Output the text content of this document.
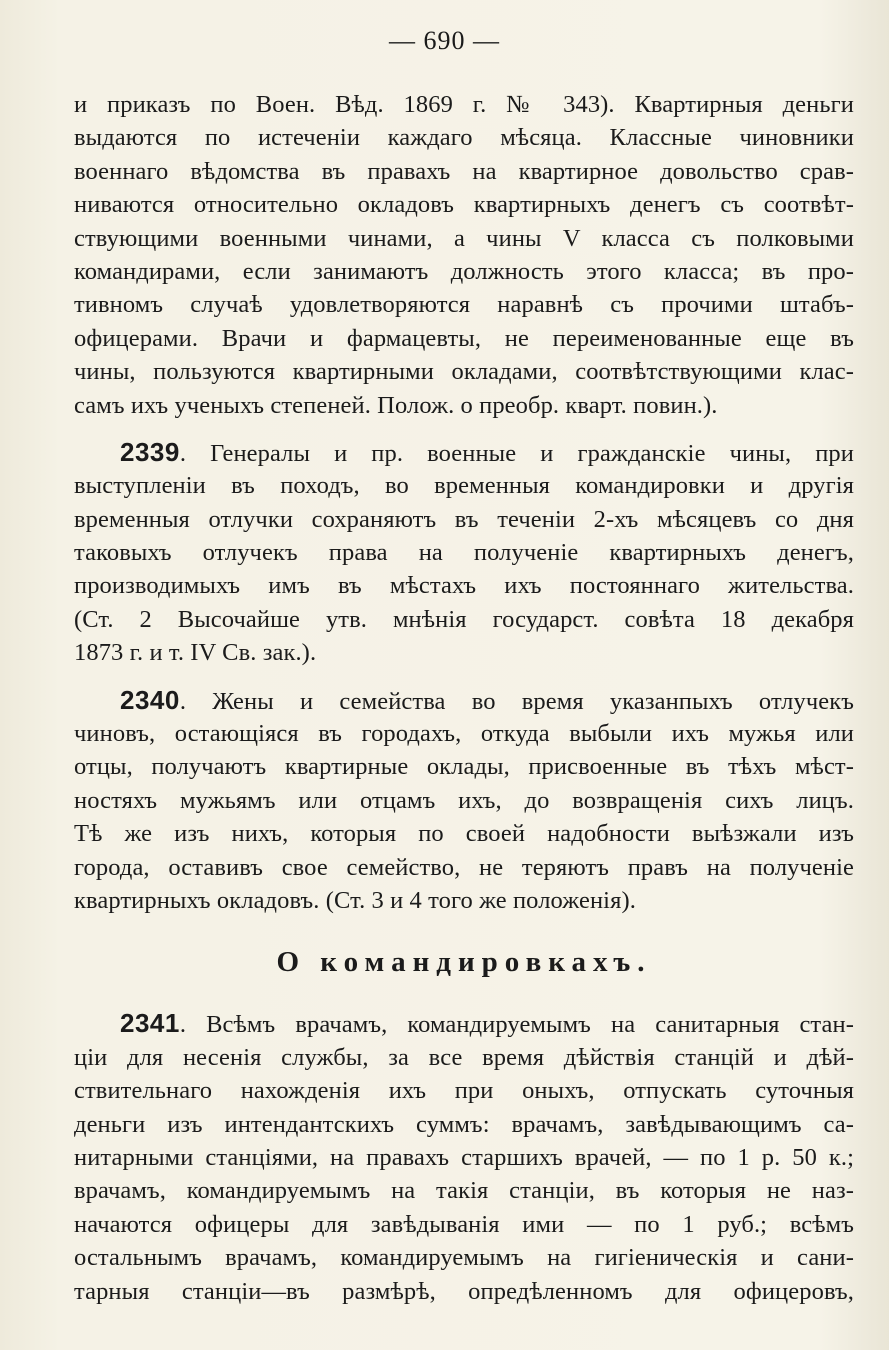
— 690 —
и приказъ по Воен. Вѣд. 1869 г. № 343). Квартирныя деньги
выдаются по истеченіи каждаго мѣсяца. Классные чиновники
военнаго вѣдомства въ правахъ на квартирное довольство срав-
ниваются относительно окладовъ квартирныхъ денегъ съ соотвѣт-
ствующими военными чинами, а чины V класса съ полковыми
командирами, если занимаютъ должность этого класса; въ про-
тивномъ случаѣ удовлетворяются наравнѣ съ прочими штабъ-
офицерами. Врачи и фармацевты, не переименованные еще въ
чины, пользуются квартирными окладами, соотвѣтствующими клас-
самъ ихъ ученыхъ степеней. Полож. о преобр. кварт. повин.).
2339. Генералы и пр. военные и гражданскіе чины, при
выступленіи въ походъ, во временныя командировки и другія
временныя отлучки сохраняютъ въ теченіи 2-хъ мѣсяцевъ со дня
таковыхъ отлучекъ права на полученіе квартирныхъ денегъ,
производимыхъ имъ въ мѣстахъ ихъ постояннаго жительства.
(Ст. 2 Высочайше утв. мнѣнія государст. совѣта 18 декабря
1873 г. и т. IV Св. зак.).
2340. Жены и семейства во время указанпыхъ отлучекъ
чиновъ, остающіяся въ городахъ, откуда выбыли ихъ мужья или
отцы, получаютъ квартирные оклады, присвоенные въ тѣхъ мѣст-
ностяхъ мужьямъ или отцамъ ихъ, до возвращенія сихъ лицъ.
Тѣ же изъ нихъ, которыя по своей надобности выѣзжали изъ
города, оставивъ свое семейство, не теряютъ правъ на полученіе
квартирныхъ окладовъ. (Ст. 3 и 4 того же положенія).
О командировкахъ.
2341. Всѣмъ врачамъ, командируемымъ на санитарныя стан-
ціи для несенія службы, за все время дѣйствія станцій и дѣй-
ствительнаго нахожденія ихъ при оныхъ, отпускать суточныя
деньги изъ интендантскихъ суммъ: врачамъ, завѣдывающимъ са-
нитарными станціями, на правахъ старшихъ врачей, — по 1 р. 50 к.;
врачамъ, командируемымъ на такія станціи, въ которыя не наз-
начаются офицеры для завѣдыванія ими — по 1 руб.; всѣмъ
остальнымъ врачамъ, командируемымъ на гигіеническія и сани-
тарныя станціи—въ размѣрѣ, опредѣленномъ для офицеровъ,
